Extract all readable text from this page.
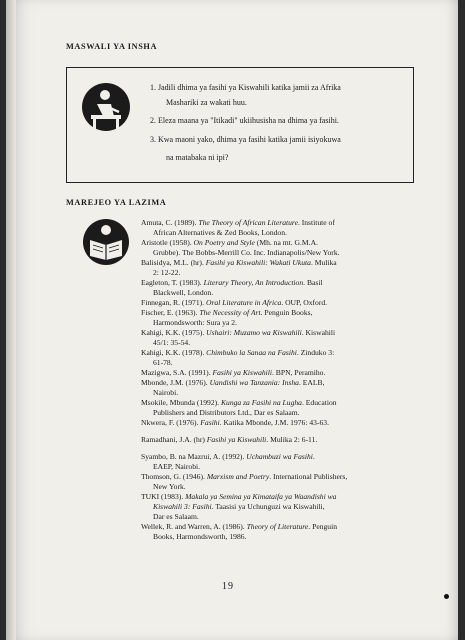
MASWALI YA INSHA
1. Jadili dhima ya fasihi ya Kiswahili katika jamii za Afrika
Mashariki za wakati huu.
2. Eleza maana ya "Itikadi" ukiihusisha na dhima ya fasihi.
3. Kwa maoni yako, dhima ya fasihi katika jamii isiyokuwa
na matabaka ni ipi?
MAREJEO YA LAZIMA
Amuta, C. (1989). The Theory of African Literature. Institute of
African Alternatives & Zed Books, London.
Aristotle (1958). On Poetry and Style (Mh. na mt. G.M.A.
Grubbe). The Bobbs-Merrill Co. Inc. Indianapolis/New York.
Balisidya, M.L. (hr). Fasihi ya Kiswahili: Wakati Ukuta. Mulika
2: 12-22.
Eagleton, T. (1983). Literary Theory, An Introduction. Basil
Blackwell, London.
Finnegan, R. (1971). Oral Literature in Africa. OUP, Oxford.
Fischer, E. (1963). The Necessity of Art. Penguin Books,
Harmondsworth: Sura ya 2.
Kahigi, K.K. (1975). Ushairi: Muzamo wa Kiswahili. Kiswahili
45/1: 35-54.
Kahigi, K.K. (1978). Chimbuko la Sanaa na Fasihi. Zinduko 3:
61-78.
Mazigwa, S.A. (1991). Fasihi ya Kiswahili. BPN, Peramiho.
Mbonde, J.M. (1976). Uandishi wa Tanzania: Insha. EALB,
Nairobi.
Msokile, Mbunda (1992). Kunga za Fasihi na Lugha. Education
Publishers and Distributors Ltd., Dar es Salaam.
Nkwera, F. (1976). Fasihi. Katika Mbonde, J.M. 1976: 43-63.
Ramadhani, J.A. (hr) Fasihi ya Kiswahili. Mulika 2: 6-11.
Syambo, B. na Mazrui, A. (1992). Uchambuzi wa Fasihi.
EAEP, Nairobi.
Thomson, G. (1946). Marxism and Poetry. International Publishers,
New York.
TUKI (1983). Makala ya Semina ya Kimataifa ya Waandishi wa
Kiswahili 3: Fasihi. Taasisi ya Uchunguzi wa Kiswahili,
Dar es Salaam.
Wellek, R. and Warren, A. (1986). Theory of Literature. Penguin
Books, Harmondsworth, 1986.
19
